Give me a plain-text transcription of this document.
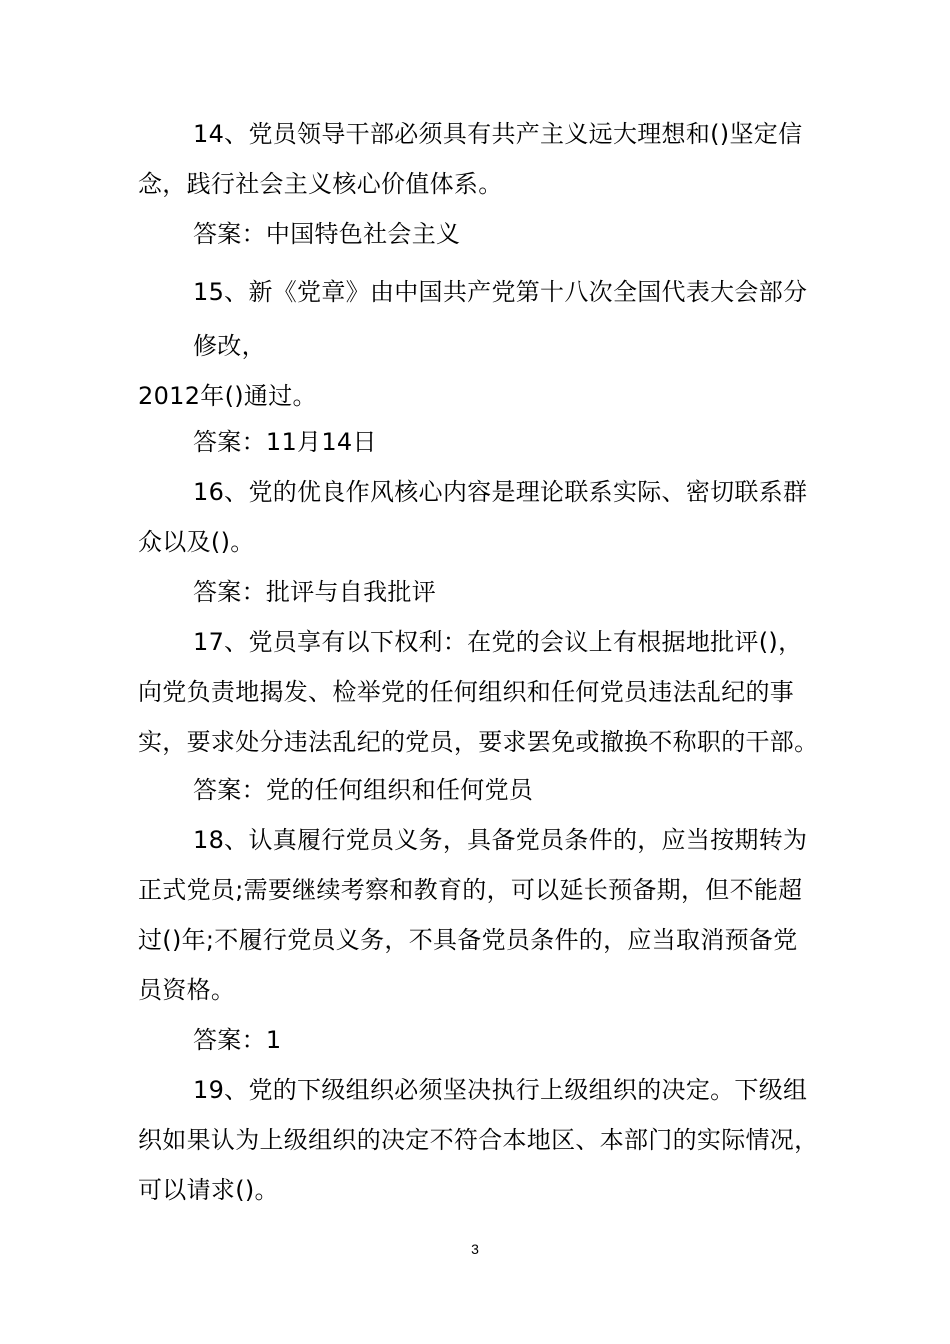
14、党员领导干部必须具有共产主义远大理想和()坚定信
念，践行社会主义核心价值体系。
答案：中国特色社会主义
15、新《党章》由中国共产党第十八次全国代表大会部分
修改，
2012年()通过。
答案：11月14日
16、党的优良作风核心内容是理论联系实际、密切联系群
众以及()。
答案：批评与自我批评
17、党员享有以下权利：在党的会议上有根据地批评()，
向党负责地揭发、检举党的任何组织和任何党员违法乱纪的事
实，要求处分违法乱纪的党员，要求罢免或撤换不称职的干部。
答案：党的任何组织和任何党员
18、认真履行党员义务，具备党员条件的，应当按期转为
正式党员;需要继续考察和教育的，可以延长预备期，但不能超
过()年;不履行党员义务，不具备党员条件的，应当取消预备党
员资格。
答案：1
19、党的下级组织必须坚决执行上级组织的决定。下级组
织如果认为上级组织的决定不符合本地区、本部门的实际情况，
可以请求()。
3
